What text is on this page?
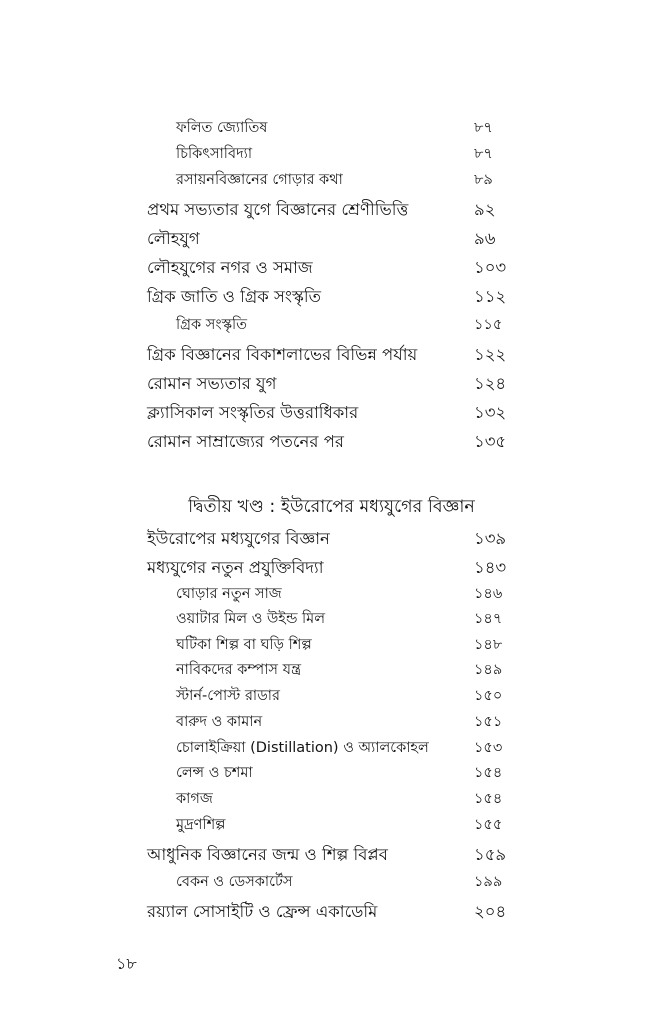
ফলিত জ্যোতিষ	৮৭
চিকিৎসাবিদ্যা	৮৭
রসায়নবিজ্ঞানের গোড়ার কথা	৮৯
প্রথম সভ্যতার যুগে বিজ্ঞানের শ্রেণীভিত্তি	৯২
লৌহযুগ	৯৬
লৌহযুগের নগর ও সমাজ	১০৩
গ্রিক জাতি ও গ্রিক সংস্কৃতি	১১২
গ্রিক সংস্কৃতি	১১৫
গ্রিক বিজ্ঞানের বিকাশলাভের বিভিন্ন পর্যায়	১২২
রোমান সভ্যতার যুগ	১২৪
ক্ল্যাসিকাল সংস্কৃতির উত্তরাধিকার	১৩২
রোমান সাম্রাজ্যের পতনের পর	১৩৫
দ্বিতীয় খণ্ড : ইউরোপের মধ্যযুগের বিজ্ঞান
ইউরোপের মধ্যযুগের বিজ্ঞান	১৩৯
মধ্যযুগের নতুন প্রযুক্তিবিদ্যা	১৪৩
ঘোড়ার নতুন সাজ	১৪৬
ওয়াটার মিল ও উইন্ড মিল	১৪৭
ঘটিকা শিল্প বা ঘড়ি শিল্প	১৪৮
নাবিকদের কম্পাস যন্ত্র	১৪৯
স্টার্ন-পোস্ট রাডার	১৫০
বারুদ ও কামান	১৫১
চোলাইক্রিয়া (Distillation) ও অ্যালকোহল	১৫৩
লেন্স ও চশমা	১৫৪
কাগজ	১৫৪
মুদ্রণশিল্প	১৫৫
আধুনিক বিজ্ঞানের জন্ম ও শিল্প বিপ্লব	১৫৯
বেকন ও ডেসকার্টেস	১৯৯
রয়্যাল সোসাইটি ও ফ্রেন্স একাডেমি	২০৪
১৮
